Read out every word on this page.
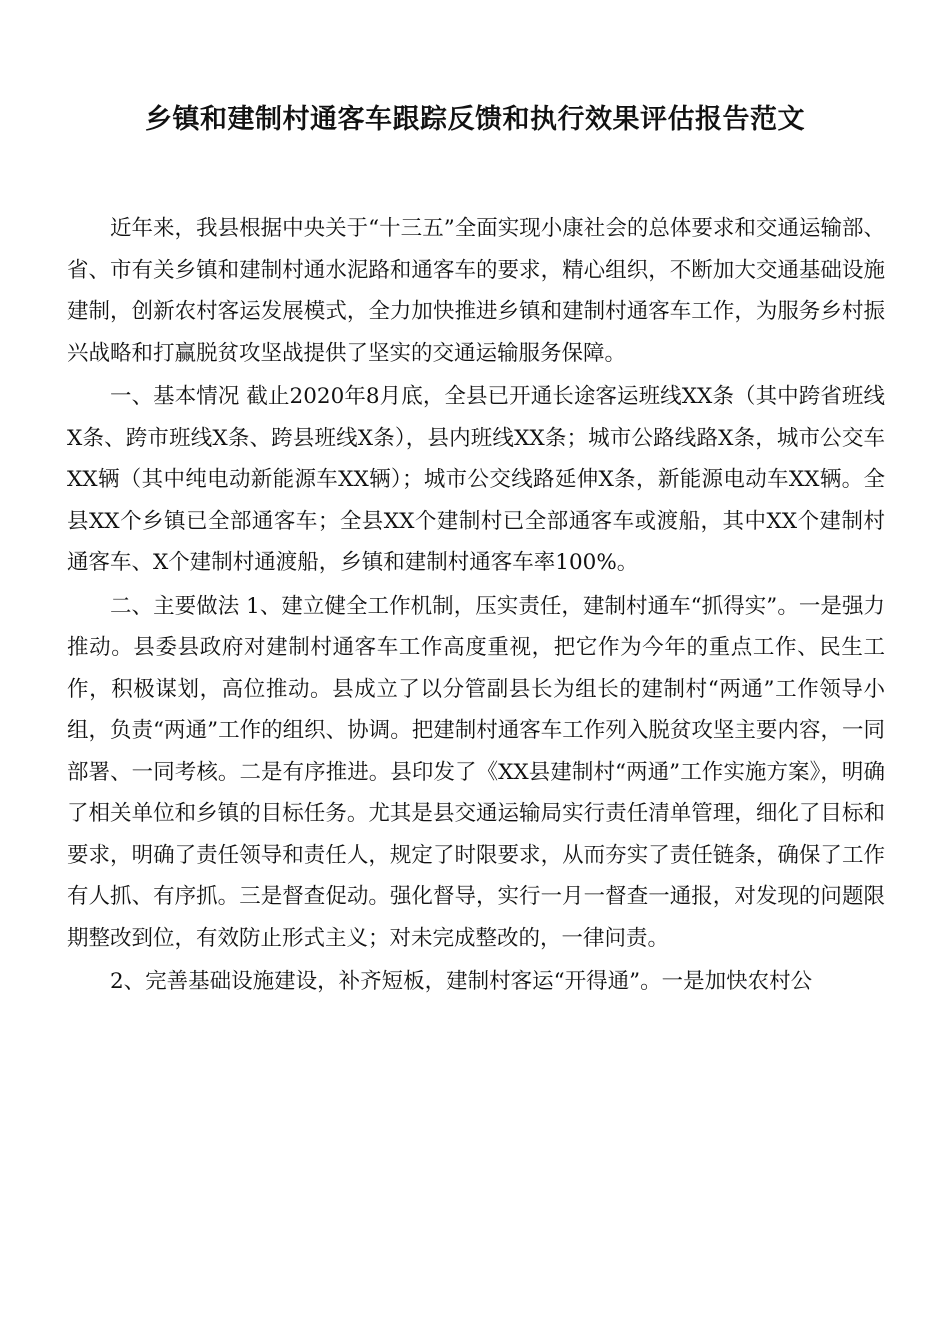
乡镇和建制村通客车跟踪反馈和执行效果评估报告范文

近年来，我县根据中央关于“十三五”全面实现小康社会的总体要求和交通运输部、省、市有关乡镇和建制村通水泥路和通客车的要求，精心组织，不断加大交通基础设施建制，创新农村客运发展模式，全力加快推进乡镇和建制村通客车工作，为服务乡村振兴战略和打赢脱贫攻坚战提供了坚实的交通运输服务保障。

一、基本情况 截止2020年8月底，全县已开通长途客运班线XX条（其中跨省班线X条、跨市班线X条、跨县班线X条），县内班线XX条；城市公路线路X条，城市公交车XX辆（其中纯电动新能源车XX辆）；城市公交线路延伸X条，新能源电动车XX辆。全县XX个乡镇已全部通客车；全县XX个建制村已全部通客车或渡船，其中XX个建制村通客车、X个建制村通渡船，乡镇和建制村通客车率100%。

二、主要做法 1、建立健全工作机制，压实责任，建制村通车“抓得实”。一是强力推动。县委县政府对建制村通客车工作高度重视，把它作为今年的重点工作、民生工作，积极谋划，高位推动。县成立了以分管副县长为组长的建制村“两通”工作领导小组，负责“两通”工作的组织、协调。把建制村通客车工作列入脱贫攻坚主要内容，一同部署、一同考核。二是有序推进。县印发了《XX县建制村“两通”工作实施方案》，明确了相关单位和乡镇的目标任务。尤其是县交通运输局实行责任清单管理，细化了目标和要求，明确了责任领导和责任人，规定了时限要求，从而夯实了责任链条，确保了工作有人抓、有序抓。三是督查促动。强化督导，实行一月一督查一通报，对发现的问题限期整改到位，有效防止形式主义；对未完成整改的，一律问责。

2、完善基础设施建设，补齐短板，建制村客运“开得通”。一是加快农村公
